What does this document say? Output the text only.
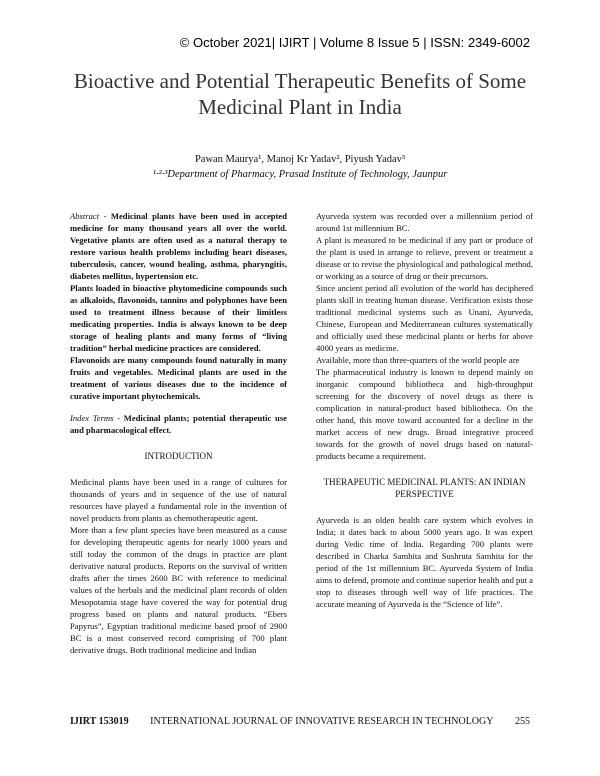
© October 2021| IJIRT | Volume 8 Issue 5 | ISSN: 2349-6002
Bioactive and Potential Therapeutic Benefits of Some
Medicinal Plant in India
Pawan Maurya¹, Manoj Kr Yadav², Piyush Yadav³
¹·²·³Department of Pharmacy, Prasad Institute of Technology, Jaunpur

Abstract - Medicinal plants have been used in accepted medicine for many thousand years all over the world. Vegetative plants are often used as a natural therapy to restore various health problems including heart diseases, tuberculosis, cancer, wound healing, asthma, pharyngitis, diabetes mellitus, hypertension etc.

Plants loaded in bioactive phytomedicine compounds such as alkaloids, flavonoids, tannins and polyphones have been used to treatment illness because of their limitless medicating properties. India is always known to be deep storage of healing plants and many forms of “living tradition” herbal medicine practices are considered.

Flavonoids are many compounds found naturally in many fruits and vegetables. Medicinal plants are used in the treatment of various diseases due to the incidence of curative important phytochemicals.

Index Terms - Medicinal plants; potential therapeutic use and pharmacological effect.

INTRODUCTION

Medicinal plants have been used in a range of cultures for thousands of years and in sequence of the use of natural resources have played a fundamental role in the invention of novel products from plants as chemotherapeutic agent.

More than a few plant species have been measured as a cause for developing therapeutic agents for nearly 1000 years and still today the common of the drugs in practice are plant derivative natural products. Reports on the survival of written drafts after the times 2600 BC with reference to medicinal values of the herbals and the medicinal plant records of olden Mesopotamia stage have covered the way for potential drug progress based on plants and natural products. “Ebers Papyrus”, Egyptian traditional medicine based proof of 2900 BC is a most conserved record comprising of 700 plant derivative drugs. Both traditional medicine and Indian

Ayurveda system was recorded over a millennium period of around 1st millennium BC.

A plant is measured to be medicinal if any part or produce of the plant is used in arrange to relieve, prevent or treatment a disease or to revise the physiological and pathological method, or working as a source of drug or their precursors.

Since ancient period all evolution of the world has deciphered plants skill in treating human disease. Verification exists those traditional medicinal systems such as Unani, Ayurveda, Chinese, European and Mediterranean cultures systematically and officially used these medicinal plants or herbs for above 4000 years as medicine.

Available, more than three-quarters of the world people are

The pharmaceutical industry is known to depend mainly on inorganic compound bibliotheca and high-throughput screening for the discovery of novel drugs as there is complication in natural-product based bibliotheca. On the other hand, this move toward accounted for a decline in the market access of new drugs. Broad integrative proceed towards for the growth of novel drugs based on natural- products became a requirement.

THERAPEUTIC MEDICINAL PLANTS: AN INDIAN PERSPECTIVE

Ayurveda is an olden health care system which evolves in India; it dates back to about 5000 years ago. It was expert during Vedic time of India. Regarding 700 plants were described in Charka Samhita and Sushruta Samhita for the period of the 1st millennium BC. Ayurveda System of India aims to defend, promote and continue superior health and put a stop to diseases through well way of life practices. The accurate meaning of Ayurveda is the “Science of life”.

IJIRT 153019 INTERNATIONAL JOURNAL OF INNOVATIVE RESEARCH IN TECHNOLOGY 255
